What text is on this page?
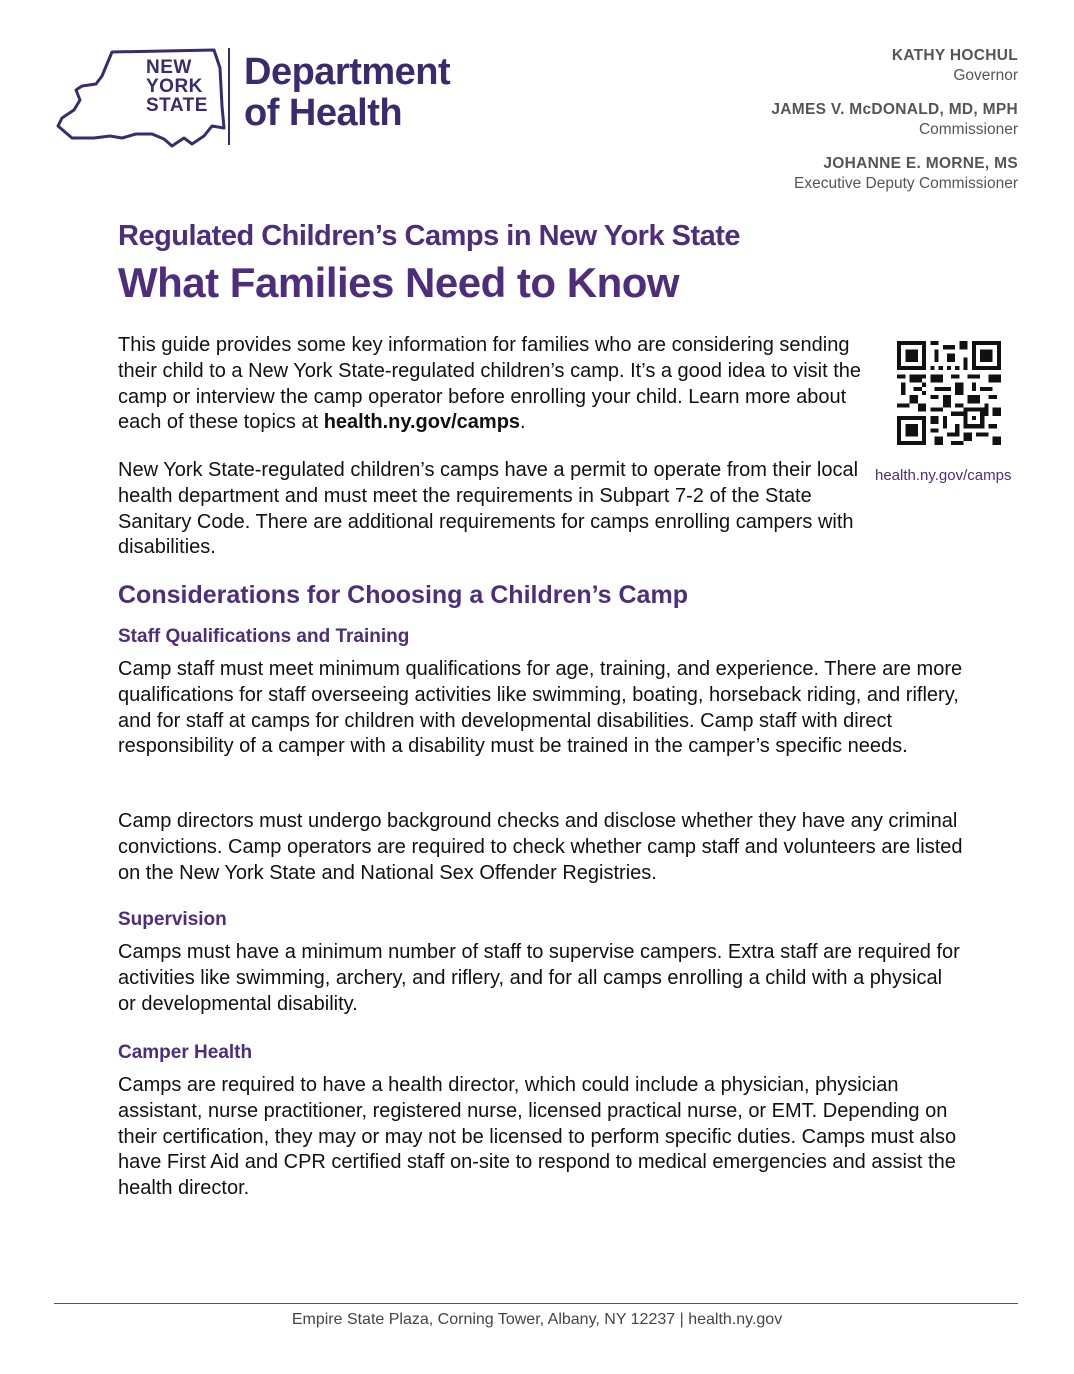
NEW
YORK
STATE
Department
of Health
KATHY HOCHUL
Governor
JAMES V. McDONALD, MD, MPH
Commissioner
JOHANNE E. MORNE, MS
Executive Deputy Commissioner
Regulated Children’s Camps in New York State
What Families Need to Know

This guide provides some key information for families who are considering sending their child to a New York State-regulated children’s camp. It’s a good idea to visit the camp or interview the camp operator before enrolling your child. Learn more about each of these topics at health.ny.gov/camps.

health.ny.gov/camps

New York State-regulated children’s camps have a permit to operate from their local health department and must meet the requirements in Subpart 7-2 of the State Sanitary Code. There are additional requirements for camps enrolling campers with disabilities.

Considerations for Choosing a Children’s Camp
Staff Qualifications and Training

Camp staff must meet minimum qualifications for age, training, and experience. There are more qualifications for staff overseeing activities like swimming, boating, horseback riding, and riflery, and for staff at camps for children with developmental disabilities. Camp staff with direct responsibility of a camper with a disability must be trained in the camper’s specific needs.

Camp directors must undergo background checks and disclose whether they have any criminal convictions. Camp operators are required to check whether camp staff and volunteers are listed on the New York State and National Sex Offender Registries.

Supervision

Camps must have a minimum number of staff to supervise campers. Extra staff are required for activities like swimming, archery, and riflery, and for all camps enrolling a child with a physical or developmental disability.

Camper Health

Camps are required to have a health director, which could include a physician, physician assistant, nurse practitioner, registered nurse, licensed practical nurse, or EMT. Depending on their certification, they may or may not be licensed to perform specific duties. Camps must also have First Aid and CPR certified staff on-site to respond to medical emergencies and assist the health director.

Empire State Plaza, Corning Tower, Albany, NY 12237 | health.ny.gov
